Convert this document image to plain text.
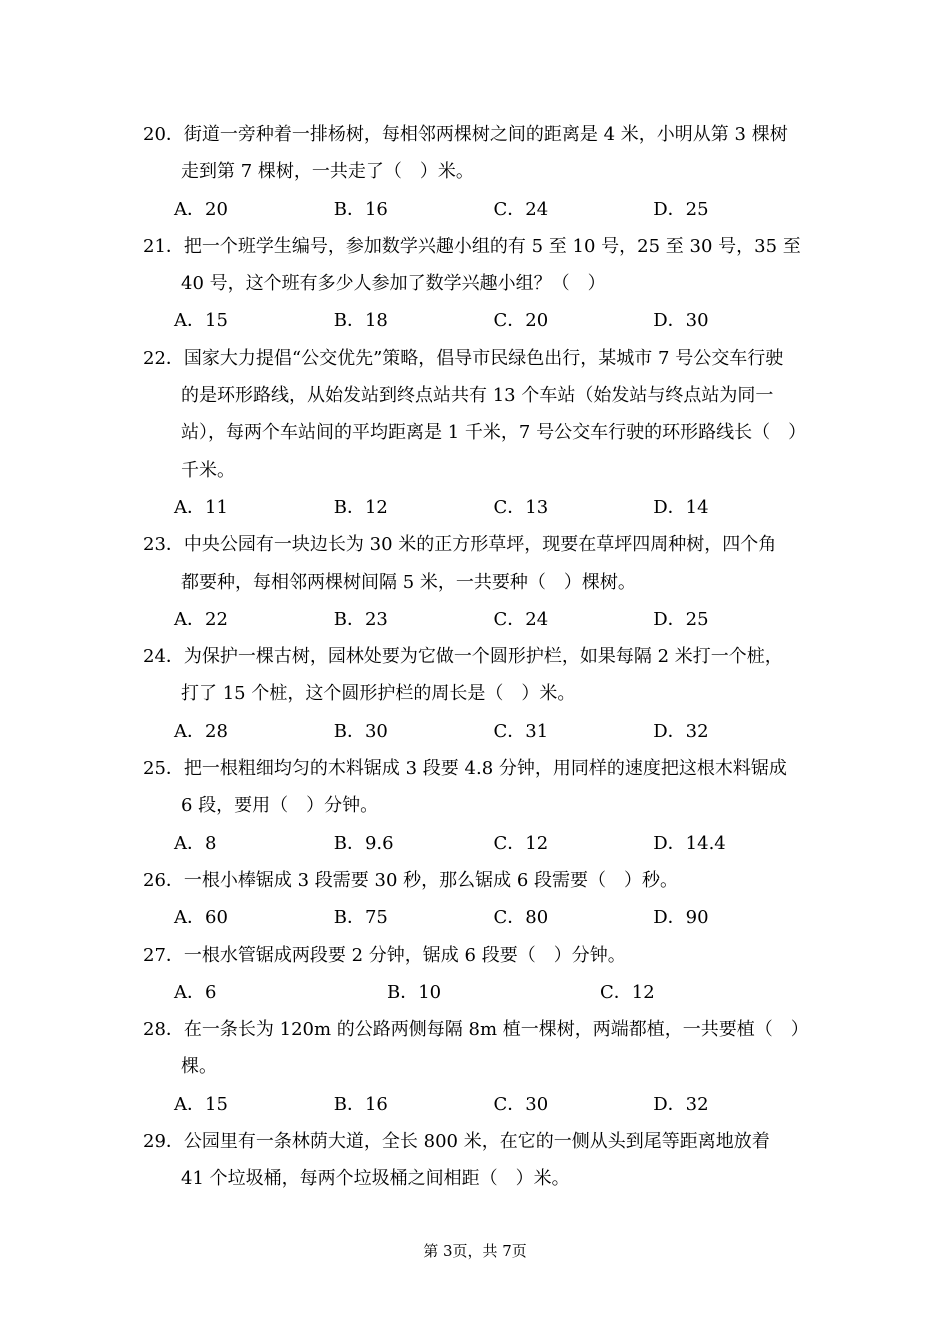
20．街道一旁种着一排杨树，每相邻两棵树之间的距离是 4 米，小明从第 3 棵树
走到第 7 棵树，一共走了（　）米。
A．20	B．16	C．24	D．25
21．把一个班学生编号，参加数学兴趣小组的有 5 至 10 号，25 至 30 号，35 至
40 号，这个班有多少人参加了数学兴趣小组？（　）
A．15	B．18	C．20	D．30
22．国家大力提倡“公交优先”策略，倡导市民绿色出行，某城市 7 号公交车行驶
的是环形路线，从始发站到终点站共有 13 个车站（始发站与终点站为同一
站），每两个车站间的平均距离是 1 千米，7 号公交车行驶的环形路线长（　）
千米。
A．11	B．12	C．13	D．14
23．中央公园有一块边长为 30 米的正方形草坪，现要在草坪四周种树，四个角
都要种，每相邻两棵树间隔 5 米，一共要种（　）棵树。
A．22	B．23	C．24	D．25
24．为保护一棵古树，园林处要为它做一个圆形护栏，如果每隔 2 米打一个桩，
打了 15 个桩，这个圆形护栏的周长是（　）米。
A．28	B．30	C．31	D．32
25．把一根粗细均匀的木料锯成 3 段要 4.8 分钟，用同样的速度把这根木料锯成
6 段，要用（　）分钟。
A．8	B．9.6	C．12	D．14.4
26．一根小棒锯成 3 段需要 30 秒，那么锯成 6 段需要（　）秒。
A．60	B．75	C．80	D．90
27．一根水管锯成两段要 2 分钟，锯成 6 段要（　）分钟。
A．6	B．10	C．12
28．在一条长为 120m 的公路两侧每隔 8m 植一棵树，两端都植，一共要植（　）
棵。
A．15	B．16	C．30	D．32
29．公园里有一条林荫大道，全长 800 米，在它的一侧从头到尾等距离地放着
41 个垃圾桶，每两个垃圾桶之间相距（　）米。
第 3页，共 7页
